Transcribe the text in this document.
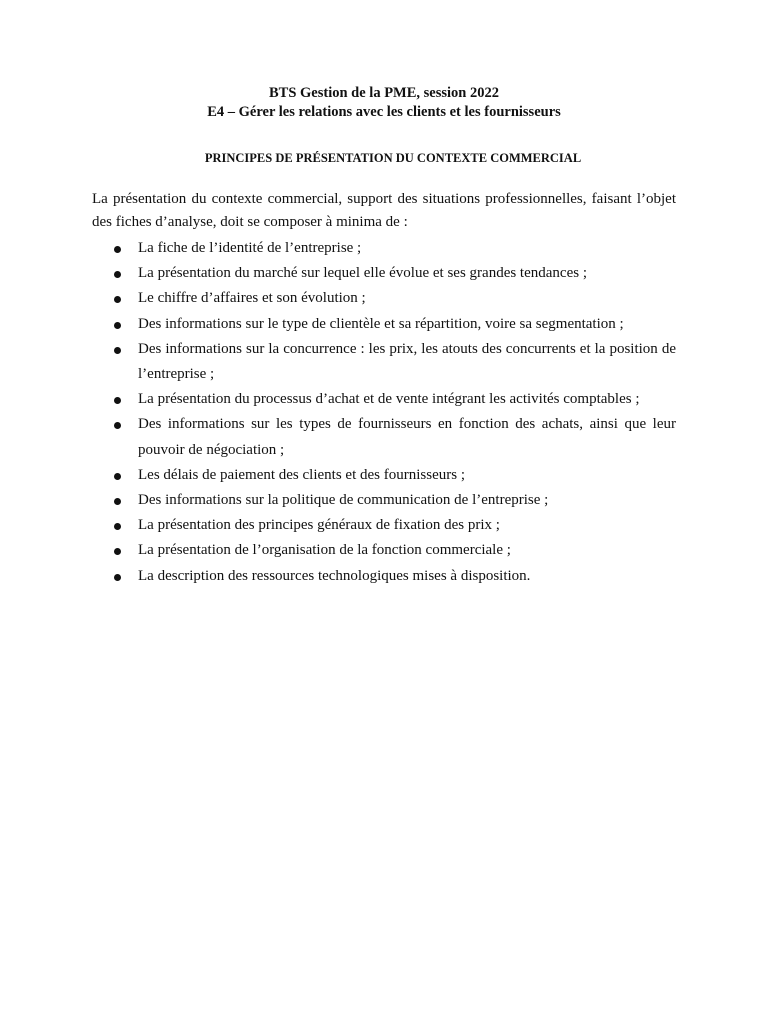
BTS Gestion de la PME, session 2022
E4 – Gérer les relations avec les clients et les fournisseurs
PRINCIPES DE PRÉSENTATION DU CONTEXTE COMMERCIAL
La présentation du contexte commercial, support des situations professionnelles, faisant l’objet des fiches d’analyse, doit se composer à minima de :
La fiche de l’identité de l’entreprise ;
La présentation du marché sur lequel elle évolue et ses grandes tendances ;
Le chiffre d’affaires et son évolution ;
Des informations sur le type de clientèle et sa répartition, voire sa segmentation ;
Des informations sur la concurrence : les prix, les atouts des concurrents et la position de l’entreprise ;
La présentation du processus d’achat et de vente intégrant les activités comptables ;
Des informations sur les types de fournisseurs en fonction des achats, ainsi que leur pouvoir de négociation ;
Les délais de paiement des clients et des fournisseurs ;
Des informations sur la politique de communication de l’entreprise ;
La présentation des principes généraux de fixation des prix ;
La présentation de l’organisation de la fonction commerciale ;
La description des ressources technologiques mises à disposition.
